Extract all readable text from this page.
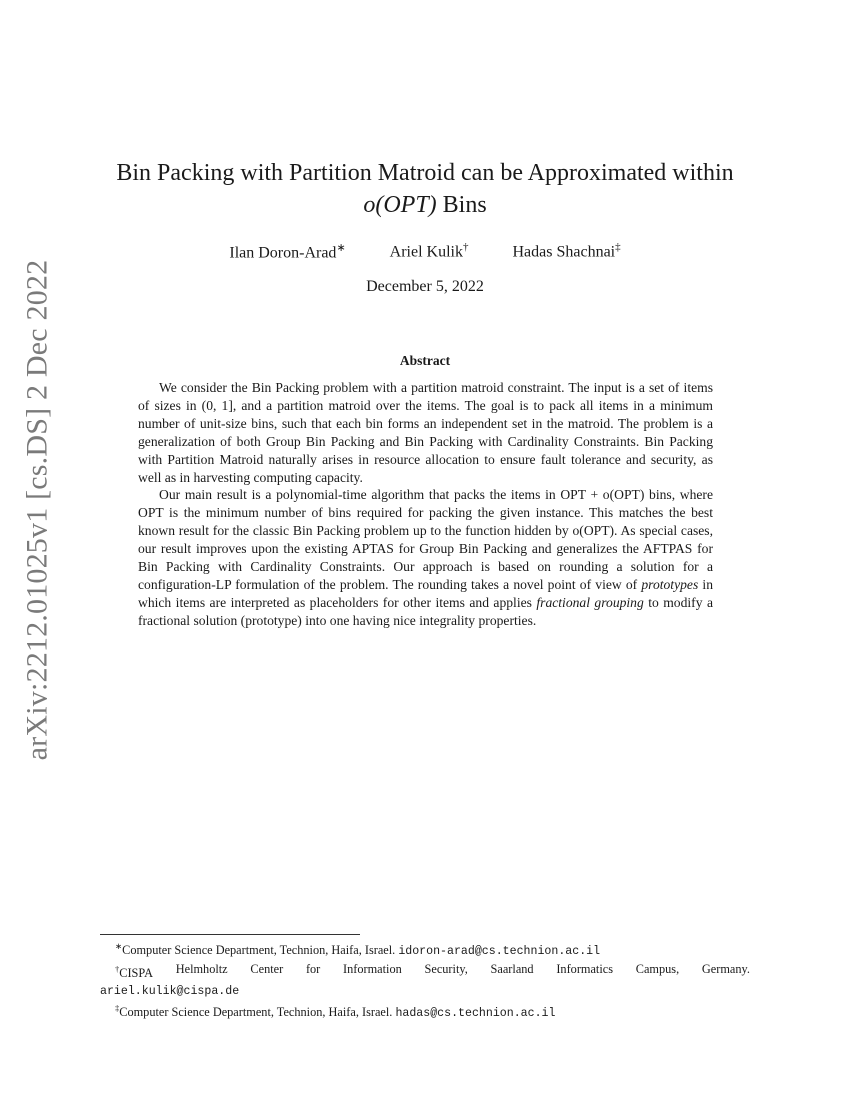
arXiv:2212.01025v1 [cs.DS] 2 Dec 2022
Bin Packing with Partition Matroid can be Approximated within
o(OPT) Bins
Ilan Doron-Arad∗	Ariel Kulik†	Hadas Shachnai‡
December 5, 2022
Abstract

We consider the Bin Packing problem with a partition matroid constraint. The input is a set of items of sizes in (0, 1], and a partition matroid over the items. The goal is to pack all items in a minimum number of unit-size bins, such that each bin forms an independent set in the matroid. The problem is a generalization of both Group Bin Packing and Bin Packing with Cardinality Constraints. Bin Packing with Partition Matroid naturally arises in resource allocation to ensure fault tolerance and security, as well as in harvesting computing capacity.

Our main result is a polynomial-time algorithm that packs the items in OPT + o(OPT) bins, where OPT is the minimum number of bins required for packing the given instance. This matches the best known result for the classic Bin Packing problem up to the function hidden by o(OPT). As special cases, our result improves upon the existing APTAS for Group Bin Packing and generalizes the AFTPAS for Bin Packing with Cardinality Constraints. Our approach is based on rounding a solution for a configuration-LP formulation of the problem. The rounding takes a novel point of view of prototypes in which items are interpreted as placeholders for other items and applies fractional grouping to modify a fractional solution (prototype) into one having nice integrality properties.

∗Computer Science Department, Technion, Haifa, Israel. idoron-arad@cs.technion.ac.il

†CISPA Helmholtz Center for Information Security, Saarland Informatics Campus, Germany.

ariel.kulik@cispa.de

‡Computer Science Department, Technion, Haifa, Israel. hadas@cs.technion.ac.il
